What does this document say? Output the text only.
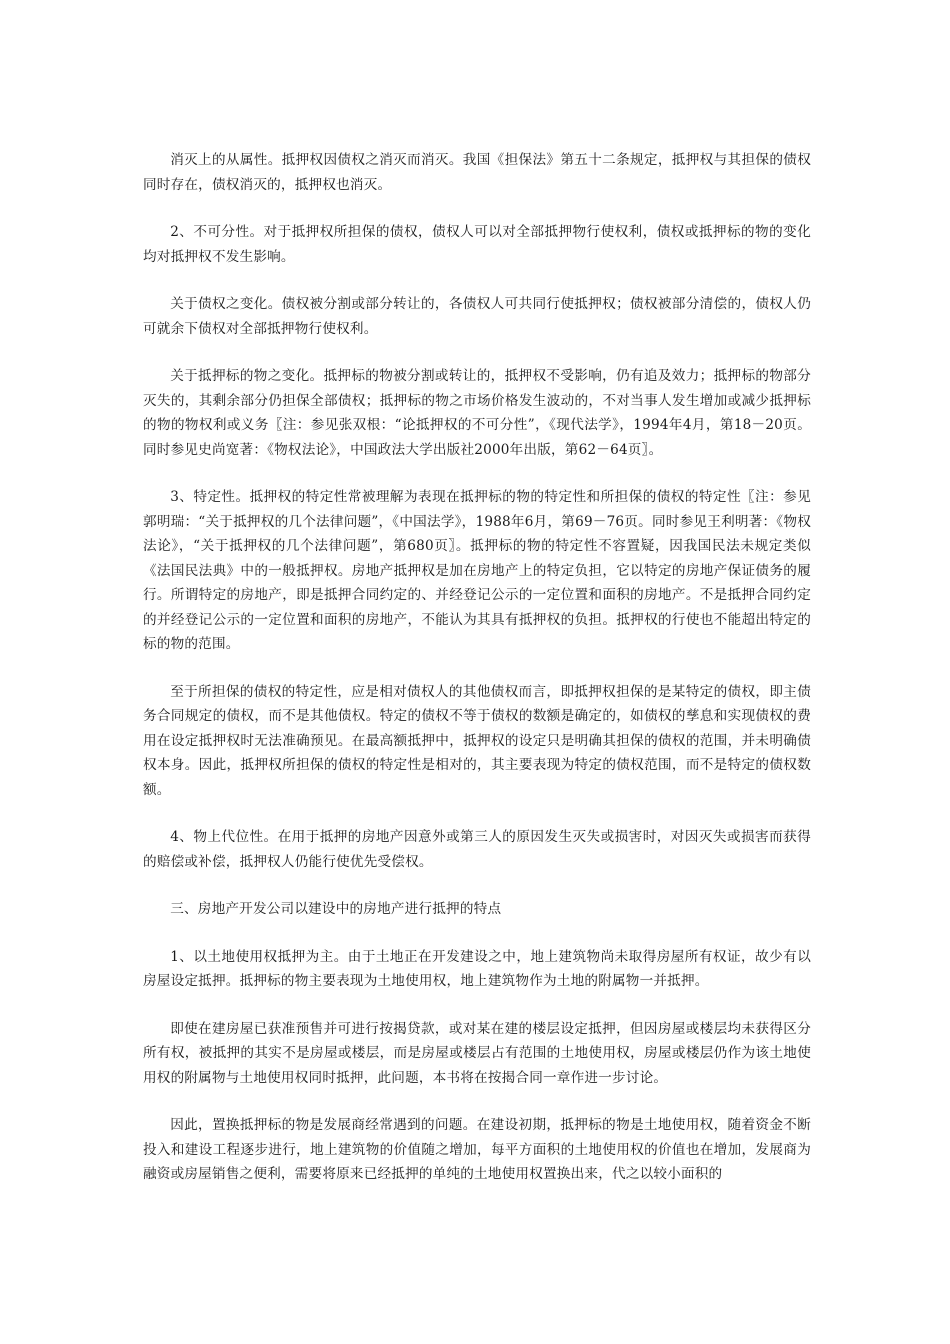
消灭上的从属性。抵押权因债权之消灭而消灭。我国《担保法》第五十二条规定，抵押权与其担保的债权同时存在，债权消灭的，抵押权也消灭。

2、不可分性。对于抵押权所担保的债权，债权人可以对全部抵押物行使权利，债权或抵押标的物的变化均对抵押权不发生影响。

关于债权之变化。债权被分割或部分转让的，各债权人可共同行使抵押权；债权被部分清偿的，债权人仍可就余下债权对全部抵押物行使权利。

关于抵押标的物之变化。抵押标的物被分割或转让的，抵押权不受影响，仍有追及效力；抵押标的物部分灭失的，其剩余部分仍担保全部债权；抵押标的物之市场价格发生波动的，不对当事人发生增加或减少抵押标的物的物权利或义务〖注：参见张双根：“论抵押权的不可分性”，《现代法学》，1994年4月，第18－20页。同时参见史尚宽著：《物权法论》，中国政法大学出版社2000年出版，第62－64页〗。

3、特定性。抵押权的特定性常被理解为表现在抵押标的物的特定性和所担保的债权的特定性〖注：参见郭明瑞：“关于抵押权的几个法律问题”，《中国法学》，1988年6月，第69－76页。同时参见王利明著：《物权法论》，“关于抵押权的几个法律问题”，第680页〗。抵押标的物的特定性不容置疑，因我国民法未规定类似《法国民法典》中的一般抵押权。房地产抵押权是加在房地产上的特定负担，它以特定的房地产保证债务的履行。所谓特定的房地产，即是抵押合同约定的、并经登记公示的一定位置和面积的房地产。不是抵押合同约定的并经登记公示的一定位置和面积的房地产，不能认为其具有抵押权的负担。抵押权的行使也不能超出特定的标的物的范围。

至于所担保的债权的特定性，应是相对债权人的其他债权而言，即抵押权担保的是某特定的债权，即主债务合同规定的债权，而不是其他债权。特定的债权不等于债权的数额是确定的，如债权的孳息和实现债权的费用在设定抵押权时无法准确预见。在最高额抵押中，抵押权的设定只是明确其担保的债权的范围，并未明确债权本身。因此，抵押权所担保的债权的特定性是相对的，其主要表现为特定的债权范围，而不是特定的债权数额。

4、物上代位性。在用于抵押的房地产因意外或第三人的原因发生灭失或损害时，对因灭失或损害而获得的赔偿或补偿，抵押权人仍能行使优先受偿权。

三、房地产开发公司以建设中的房地产进行抵押的特点

1、以土地使用权抵押为主。由于土地正在开发建设之中，地上建筑物尚未取得房屋所有权证，故少有以房屋设定抵押。抵押标的物主要表现为土地使用权，地上建筑物作为土地的附属物一并抵押。

即使在建房屋已获准预售并可进行按揭贷款，或对某在建的楼层设定抵押，但因房屋或楼层均未获得区分所有权，被抵押的其实不是房屋或楼层，而是房屋或楼层占有范围的土地使用权，房屋或楼层仍作为该土地使用权的附属物与土地使用权同时抵押，此问题，本书将在按揭合同一章作进一步讨论。

因此，置换抵押标的物是发展商经常遇到的问题。在建设初期，抵押标的物是土地使用权，随着资金不断投入和建设工程逐步进行，地上建筑物的价值随之增加，每平方面积的土地使用权的价值也在增加，发展商为融资或房屋销售之便利，需要将原来已经抵押的单纯的土地使用权置换出来，代之以较小面积的
